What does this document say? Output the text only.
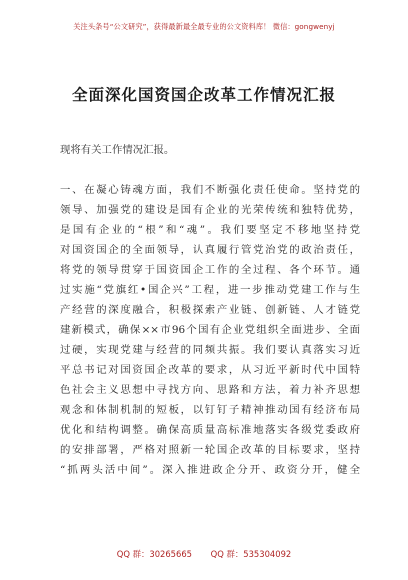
关注头条号“公文研究”，获得最新最全最专业的公文资料库！ 微信：gongwenyj
全面深化国资国企改革工作情况汇报

现将有关工作情况汇报。

一、在凝心铸魂方面，我们不断强化责任使命。坚持党的
领导、加强党的建设是国有企业的光荣传统和独特优势，
是国有企业的“根”和“魂”。我们要坚定不移地坚持党
对国资国企的全面领导，认真履行管党治党的政治责任，
将党的领导贯穿于国资国企工作的全过程、各个环节。通
过实施“党旗红•国企兴”工程，进一步推动党建工作与生
产经营的深度融合，积极探索产业链、创新链、人才链党
建新模式，确保××市96个国有企业党组织全面进步、全面
过硬，实现党建与经营的同频共振。我们要认真落实习近
平总书记对国资国企改革的要求，从习近平新时代中国特
色社会主义思想中寻找方向、思路和方法，着力补齐思想
观念和体制机制的短板，以钉钉子精神推动国有经济布局
优化和结构调整。确保高质量高标准地落实各级党委政府
的安排部署，严格对照新一轮国企改革的目标要求，坚持
“抓两头活中间”。深入推进政企分开、政资分开，健全
QQ 群：30265665 QQ 群：535304092
